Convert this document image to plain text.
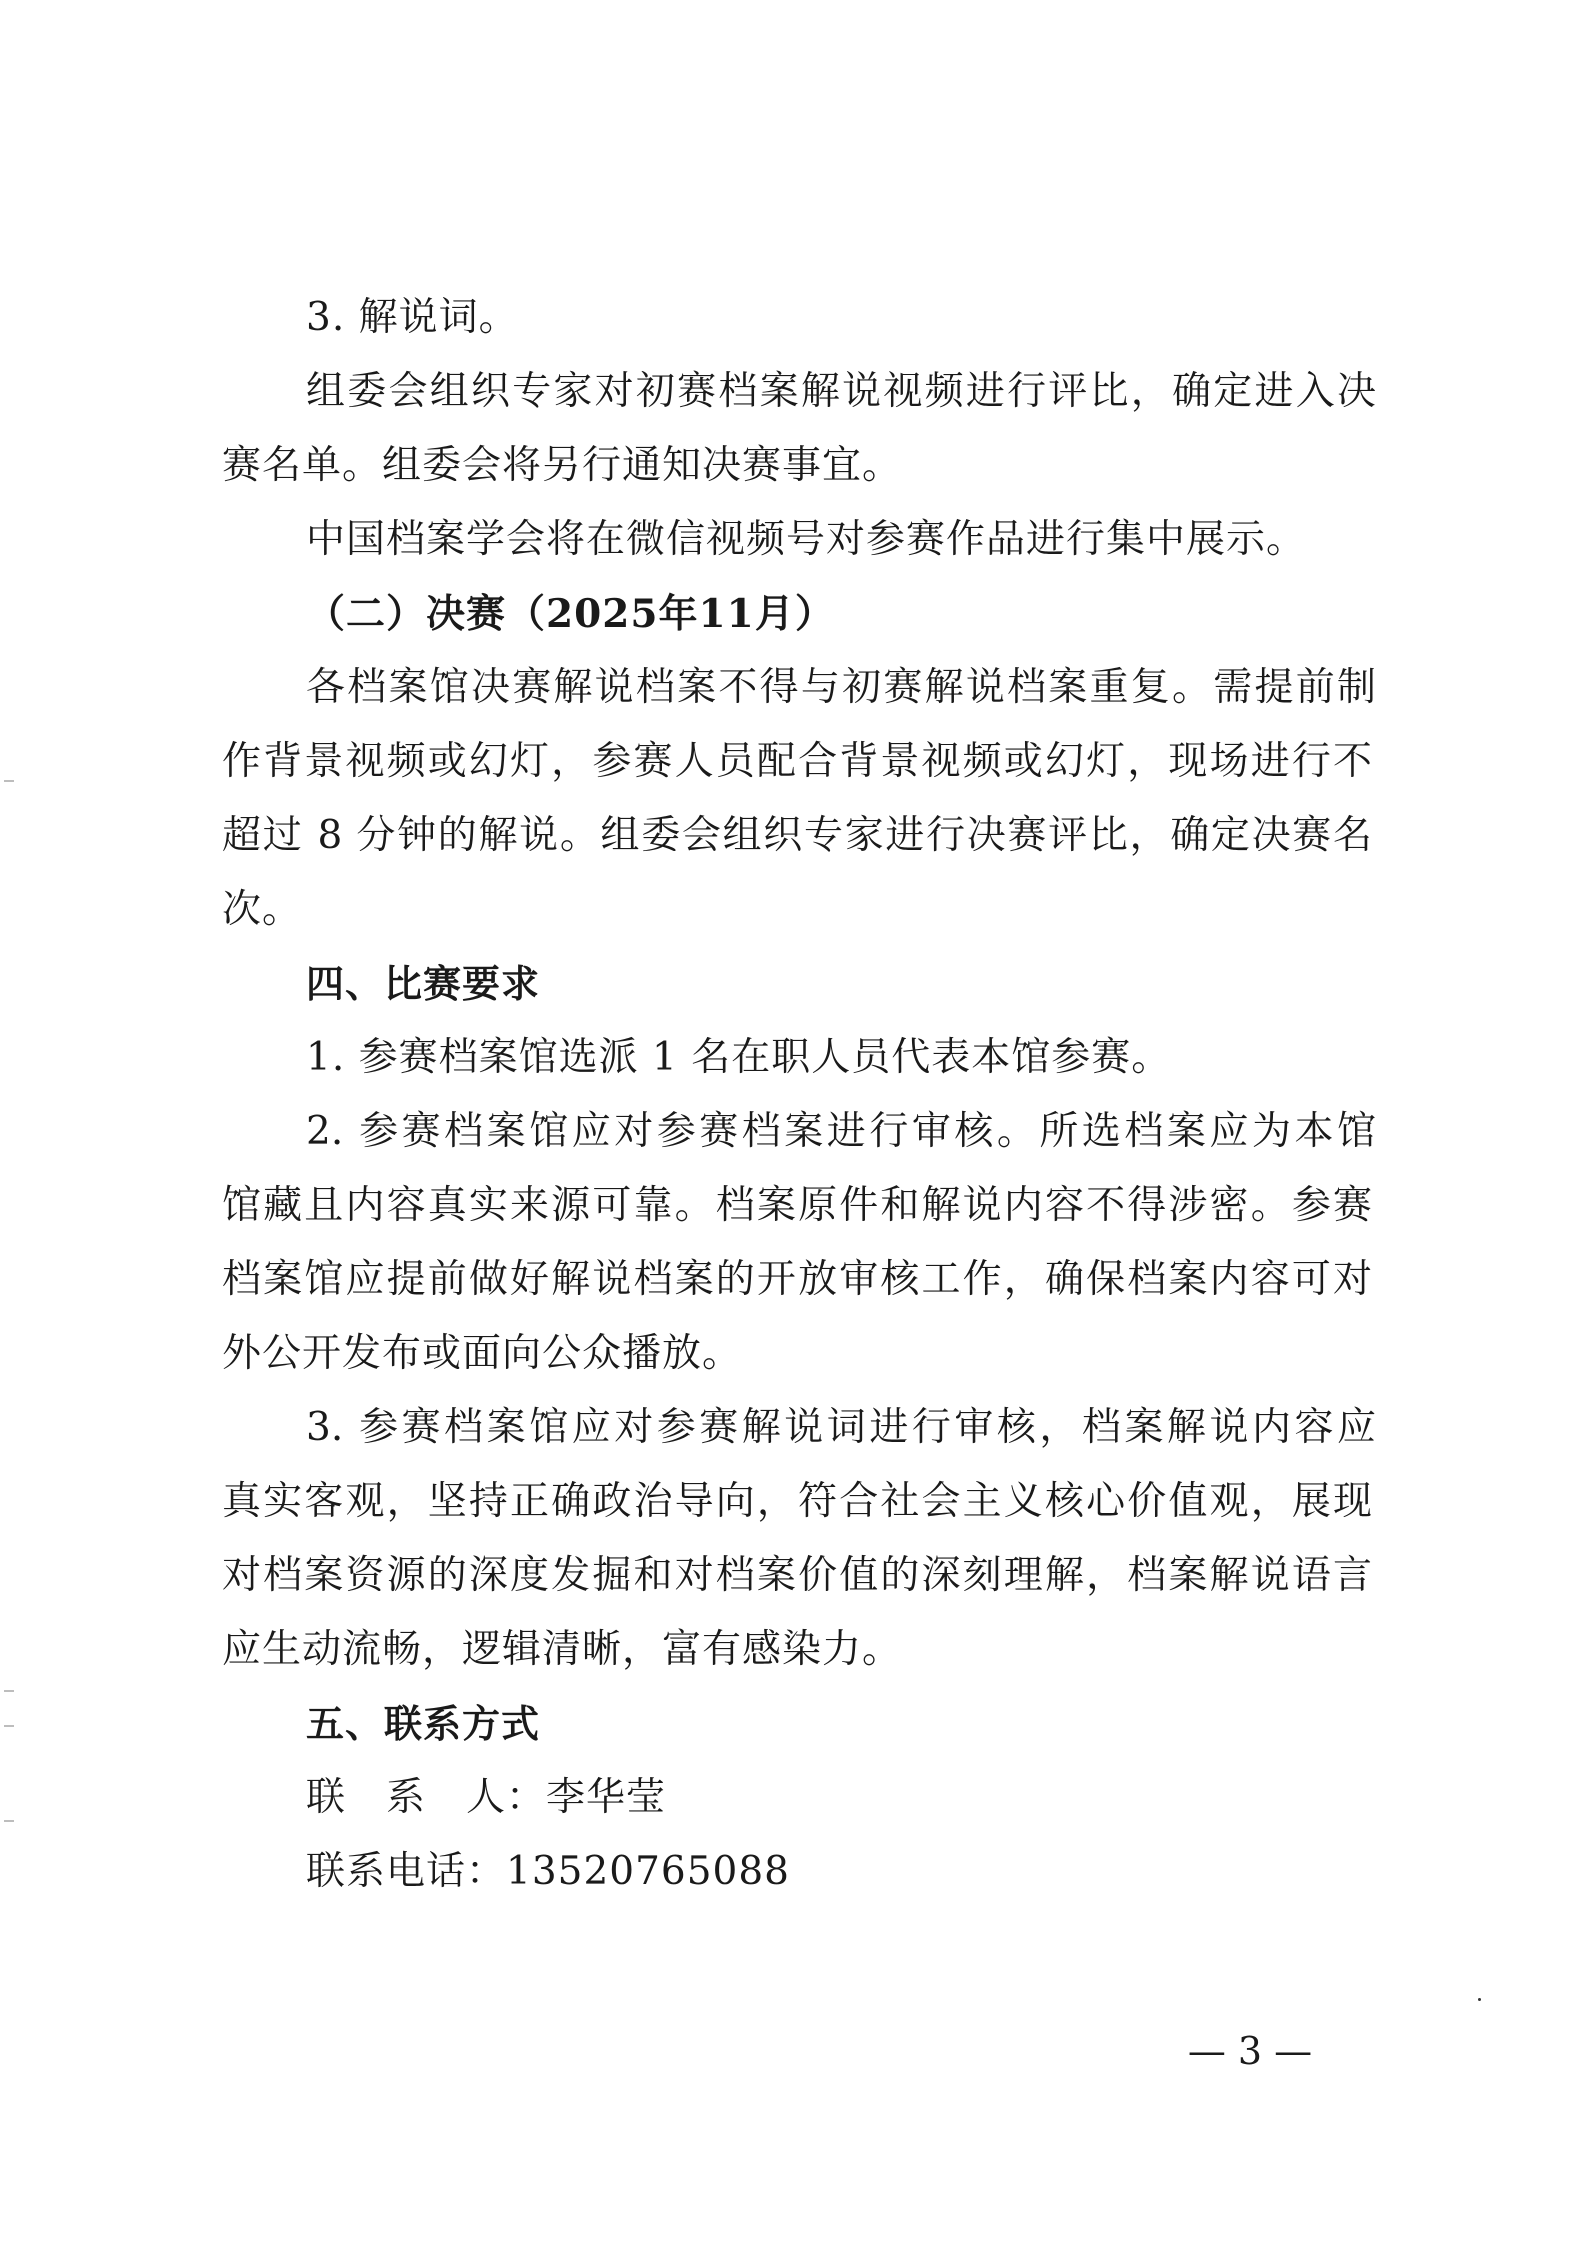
3. 解说词。
组委会组织专家对初赛档案解说视频进行评比，确定进入决
赛名单。组委会将另行通知决赛事宜。
中国档案学会将在微信视频号对参赛作品进行集中展示。
（二）决赛（2025年11月）
各档案馆决赛解说档案不得与初赛解说档案重复。需提前制
作背景视频或幻灯，参赛人员配合背景视频或幻灯，现场进行不
超过 8 分钟的解说。组委会组织专家进行决赛评比，确定决赛名
次。
四、比赛要求
1. 参赛档案馆选派 1 名在职人员代表本馆参赛。
2. 参赛档案馆应对参赛档案进行审核。所选档案应为本馆
馆藏且内容真实来源可靠。档案原件和解说内容不得涉密。参赛
档案馆应提前做好解说档案的开放审核工作，确保档案内容可对
外公开发布或面向公众播放。
3. 参赛档案馆应对参赛解说词进行审核，档案解说内容应
真实客观，坚持正确政治导向，符合社会主义核心价值观，展现
对档案资源的深度发掘和对档案价值的深刻理解，档案解说语言
应生动流畅，逻辑清晰，富有感染力。
五、联系方式
联　系　人：李华莹
联系电话：13520765088
— 3 —
